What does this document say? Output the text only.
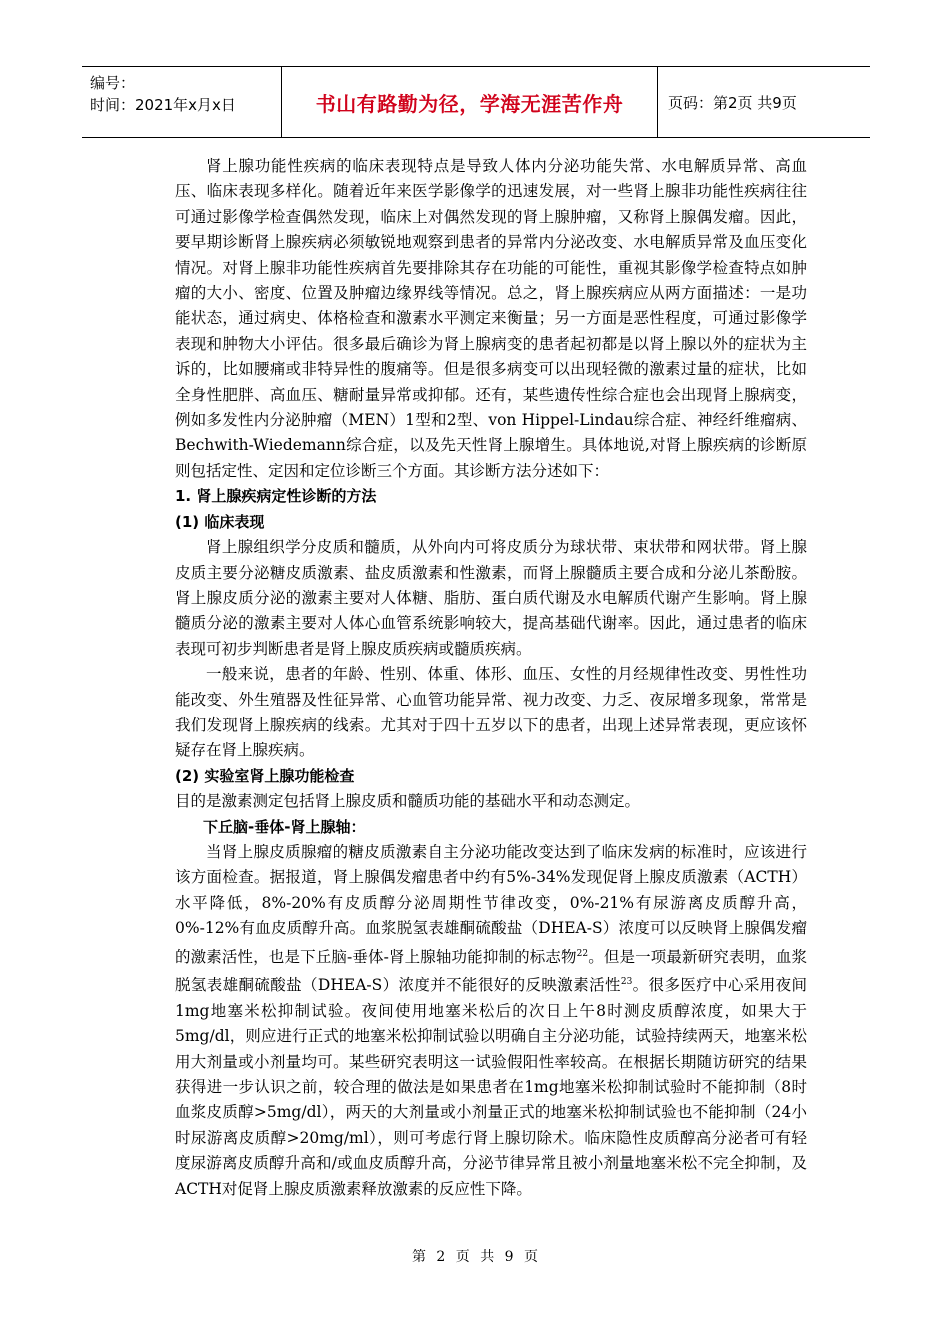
编号：
时间：2021年x月x日	书山有路勤为径，学海无涯苦作舟	页码：第2页 共9页

肾上腺功能性疾病的临床表现特点是导致人体内分泌功能失常、水电解质异常、高血压、临床表现多样化。随着近年来医学影像学的迅速发展，对一些肾上腺非功能性疾病往往可通过影像学检查偶然发现，临床上对偶然发现的肾上腺肿瘤，又称肾上腺偶发瘤。因此，要早期诊断肾上腺疾病必须敏锐地观察到患者的异常内分泌改变、水电解质异常及血压变化情况。对肾上腺非功能性疾病首先要排除其存在功能的可能性，重视其影像学检查特点如肿瘤的大小、密度、位置及肿瘤边缘界线等情况。总之，肾上腺疾病应从两方面描述：一是功能状态，通过病史、体格检查和激素水平测定来衡量；另一方面是恶性程度，可通过影像学表现和肿物大小评估。很多最后确诊为肾上腺病变的患者起初都是以肾上腺以外的症状为主诉的，比如腰痛或非特异性的腹痛等。但是很多病变可以出现轻微的激素过量的症状，比如全身性肥胖、高血压、糖耐量异常或抑郁。还有，某些遗传性综合症也会出现肾上腺病变，例如多发性内分泌肿瘤（MEN）1型和2型、von Hippel-Lindau综合症、神经纤维瘤病、Bechwith-Wiedemann综合症，以及先天性肾上腺增生。具体地说,对肾上腺疾病的诊断原则包括定性、定因和定位诊断三个方面。其诊断方法分述如下：

1. 肾上腺疾病定性诊断的方法

(1) 临床表现

肾上腺组织学分皮质和髓质，从外向内可将皮质分为球状带、束状带和网状带。肾上腺皮质主要分泌糖皮质激素、盐皮质激素和性激素，而肾上腺髓质主要合成和分泌儿茶酚胺。肾上腺皮质分泌的激素主要对人体糖、脂肪、蛋白质代谢及水电解质代谢产生影响。肾上腺髓质分泌的激素主要对人体心血管系统影响较大，提高基础代谢率。因此，通过患者的临床表现可初步判断患者是肾上腺皮质疾病或髓质疾病。

一般来说，患者的年龄、性别、体重、体形、血压、女性的月经规律性改变、男性性功能改变、外生殖器及性征异常、心血管功能异常、视力改变、力乏、夜尿增多现象，常常是我们发现肾上腺疾病的线索。尤其对于四十五岁以下的患者，出现上述异常表现，更应该怀疑存在肾上腺疾病。

(2) 实验室肾上腺功能检查

目的是激素测定包括肾上腺皮质和髓质功能的基础水平和动态测定。

下丘脑-垂体-肾上腺轴：

当肾上腺皮质腺瘤的糖皮质激素自主分泌功能改变达到了临床发病的标准时，应该进行该方面检查。据报道，肾上腺偶发瘤患者中约有5%-34%发现促肾上腺皮质激素（ACTH）水平降低，8%-20%有皮质醇分泌周期性节律改变，0%-21%有尿游离皮质醇升高，0%-12%有血皮质醇升高。血浆脱氢表雄酮硫酸盐（DHEA-S）浓度可以反映肾上腺偶发瘤的激素活性，也是下丘脑-垂体-肾上腺轴功能抑制的标志物$^{22}$。但是一项最新研究表明，血浆脱氢表雄酮硫酸盐（DHEA-S）浓度并不能很好的反映激素活性$^{23}$。很多医疗中心采用夜间1mg地塞米松抑制试验。夜间使用地塞米松后的次日上午8时测皮质醇浓度，如果大于5mg/dl，则应进行正式的地塞米松抑制试验以明确自主分泌功能，试验持续两天，地塞米松用大剂量或小剂量均可。某些研究表明这一试验假阳性率较高。在根据长期随访研究的结果获得进一步认识之前，较合理的做法是如果患者在1mg地塞米松抑制试验时不能抑制（8时血浆皮质醇>5mg/dl），两天的大剂量或小剂量正式的地塞米松抑制试验也不能抑制（24小时尿游离皮质醇>20mg/ml），则可考虑行肾上腺切除术。临床隐性皮质醇高分泌者可有轻度尿游离皮质醇升高和/或血皮质醇升高，分泌节律异常且被小剂量地塞米松不完全抑制，及ACTH对促肾上腺皮质激素释放激素的反应性下降。

第 2 页 共 9 页
